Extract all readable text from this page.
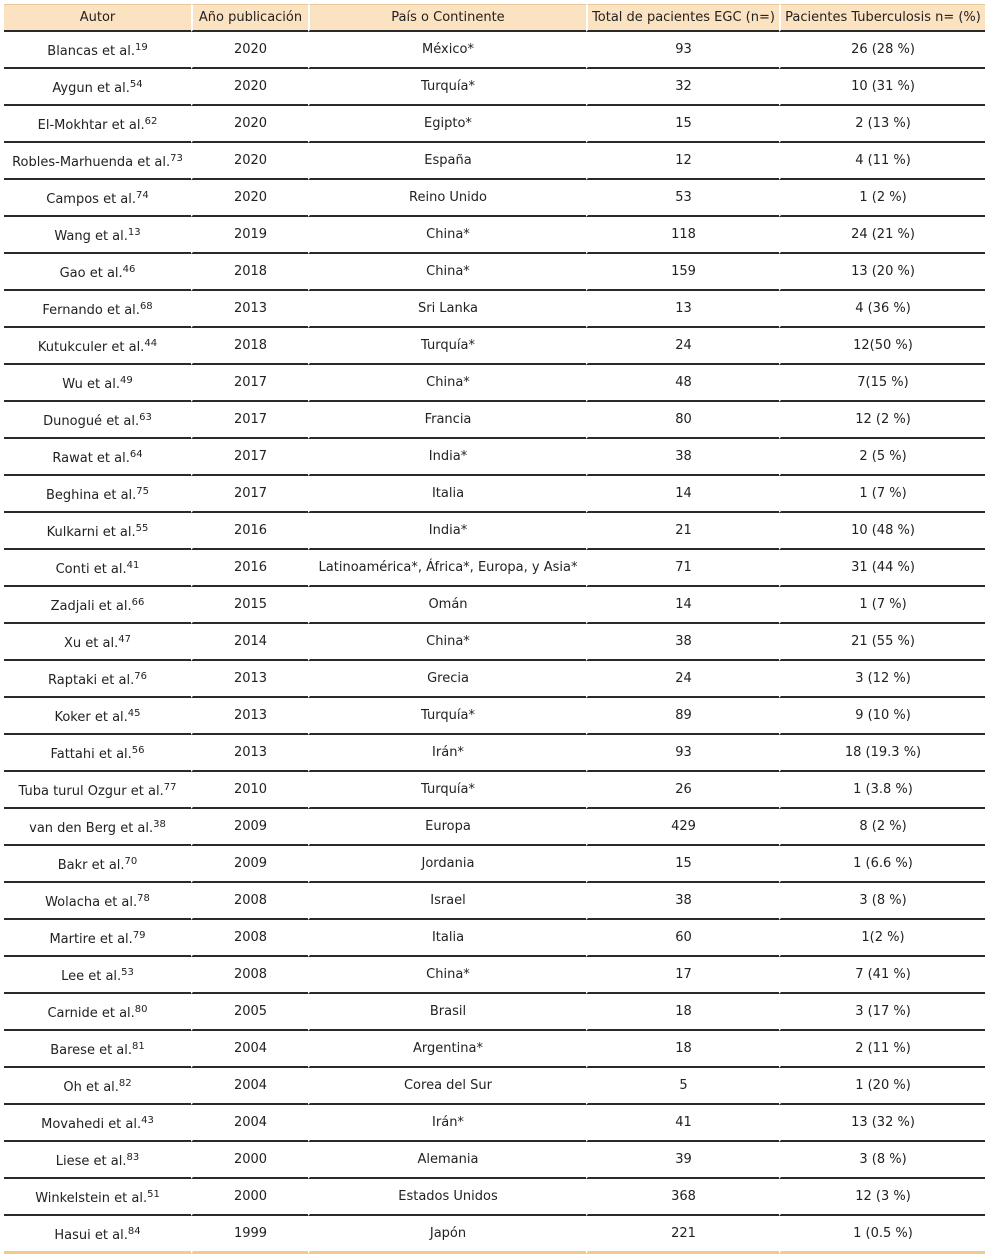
Autor	Año publicación	País o Continente	Total de pacientes EGC (n=)	Pacientes Tuberculosis n= (%)
Blancas et al.$^{19}$	2020	México*	93	26 (28 %)
Aygun et al.$^{54}$	2020	Turquía*	32	10 (31 %)
El-Mokhtar et al.$^{62}$	2020	Egipto*	15	2 (13 %)
Robles-Marhuenda et al.$^{73}$	2020	España	12	4 (11 %)
Campos et al.$^{74}$	2020	Reino Unido	53	1 (2 %)
Wang et al.$^{13}$	2019	China*	118	24 (21 %)
Gao et al.$^{46}$	2018	China*	159	13 (20 %)
Fernando et al.$^{68}$	2013	Sri Lanka	13	4 (36 %)
Kutukculer et al.$^{44}$	2018	Turquía*	24	12(50 %)
Wu et al.$^{49}$	2017	China*	48	7(15 %)
Dunogué et al.$^{63}$	2017	Francia	80	12 (2 %)
Rawat et al.$^{64}$	2017	India*	38	2 (5 %)
Beghina et al.$^{75}$	2017	Italia	14	1 (7 %)
Kulkarni et al.$^{55}$	2016	India*	21	10 (48 %)
Conti et al.$^{41}$	2016	Latinoamérica*, África*, Europa, y Asia*	71	31 (44 %)
Zadjali et al.$^{66}$	2015	Omán	14	1 (7 %)
Xu et al.$^{47}$	2014	China*	38	21 (55 %)
Raptaki et al.$^{76}$	2013	Grecia	24	3 (12 %)
Koker et al.$^{45}$	2013	Turquía*	89	9 (10 %)
Fattahi et al.$^{56}$	2013	Irán*	93	18 (19.3 %)
Tuba turul Ozgur et al.$^{77}$	2010	Turquía*	26	1 (3.8 %)
van den Berg et al.$^{38}$	2009	Europa	429	8 (2 %)
Bakr et al.$^{70}$	2009	Jordania	15	1 (6.6 %)
Wolacha et al.$^{78}$	2008	Israel	38	3 (8 %)
Martire et al.$^{79}$	2008	Italia	60	1(2 %)
Lee et al.$^{53}$	2008	China*	17	7 (41 %)
Carnide et al.$^{80}$	2005	Brasil	18	3 (17 %)
Barese et al.$^{81}$	2004	Argentina*	18	2 (11 %)
Oh et al.$^{82}$	2004	Corea del Sur	5	1 (20 %)
Movahedi et al.$^{43}$	2004	Irán*	41	13 (32 %)
Liese et al.$^{83}$	2000	Alemania	39	3 (8 %)
Winkelstein et al.$^{51}$	2000	Estados Unidos	368	12 (3 %)
Hasui et al.$^{84}$	1999	Japón	221	1 (0.5 %)
